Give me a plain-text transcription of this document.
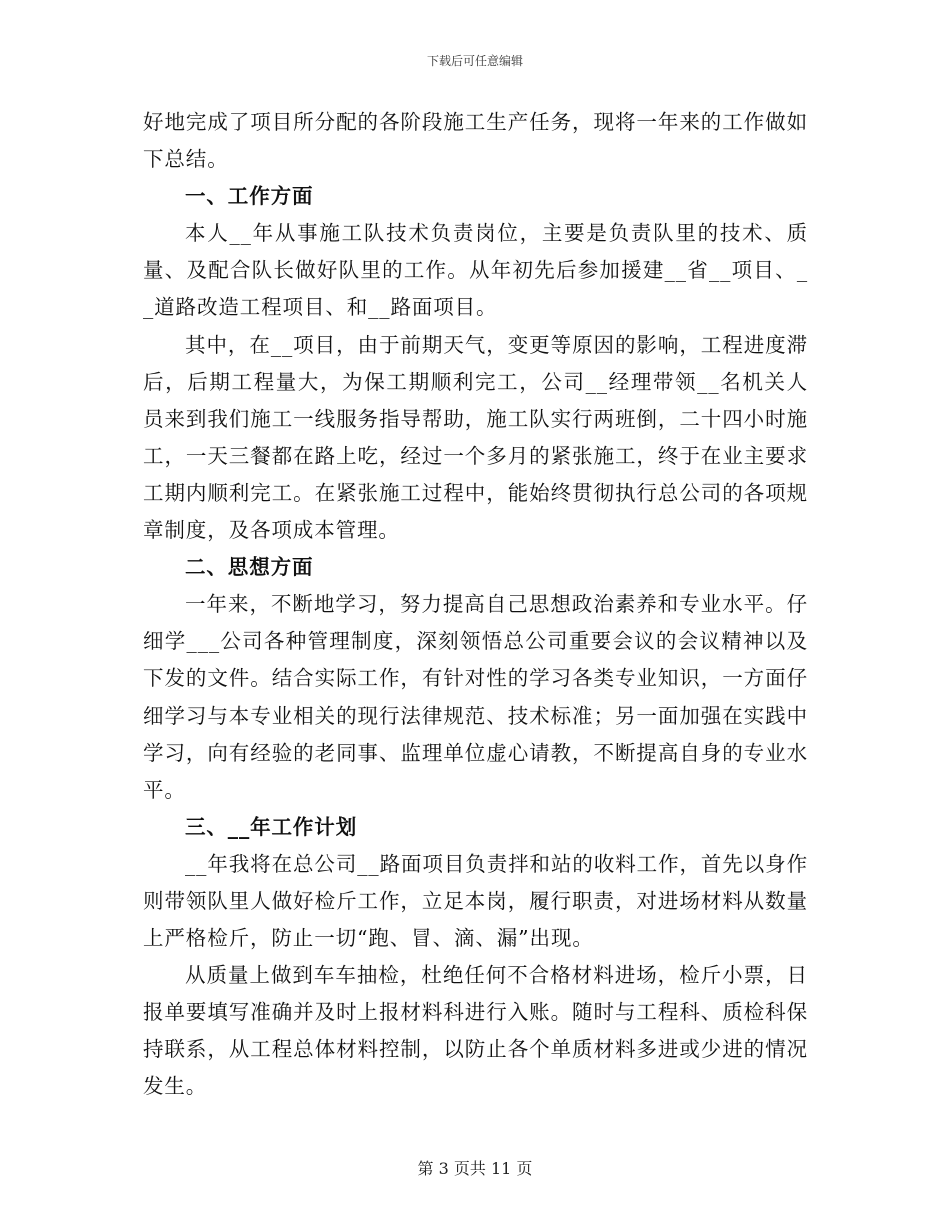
下载后可任意编辑

好地完成了项目所分配的各阶段施工生产任务，现将一年来的工作做如下总结。

一、工作方面

本人__年从事施工队技术负责岗位，主要是负责队里的技术、质量、及配合队长做好队里的工作。从年初先后参加援建__省__项目、__道路改造工程项目、和__路面项目。

其中，在__项目，由于前期天气，变更等原因的影响，工程进度滞后，后期工程量大，为保工期顺利完工，公司__经理带领__名机关人员来到我们施工一线服务指导帮助，施工队实行两班倒，二十四小时施工，一天三餐都在路上吃，经过一个多月的紧张施工，终于在业主要求工期内顺利完工。在紧张施工过程中，能始终贯彻执行总公司的各项规章制度，及各项成本管理。

二、思想方面

一年来，不断地学习，努力提高自己思想政治素养和专业水平。仔细学___公司各种管理制度，深刻领悟总公司重要会议的会议精神以及下发的文件。结合实际工作，有针对性的学习各类专业知识，一方面仔细学习与本专业相关的现行法律规范、技术标准；另一面加强在实践中学习，向有经验的老同事、监理单位虚心请教，不断提高自身的专业水平。

三、__年工作计划

__年我将在总公司__路面项目负责拌和站的收料工作，首先以身作则带领队里人做好检斤工作，立足本岗，履行职责，对进场材料从数量上严格检斤，防止一切“跑、冒、滴、漏”出现。

从质量上做到车车抽检，杜绝任何不合格材料进场，检斤小票，日报单要填写准确并及时上报材料科进行入账。随时与工程科、质检科保持联系，从工程总体材料控制，以防止各个单质材料多进或少进的情况发生。

第 3 页共 11 页
